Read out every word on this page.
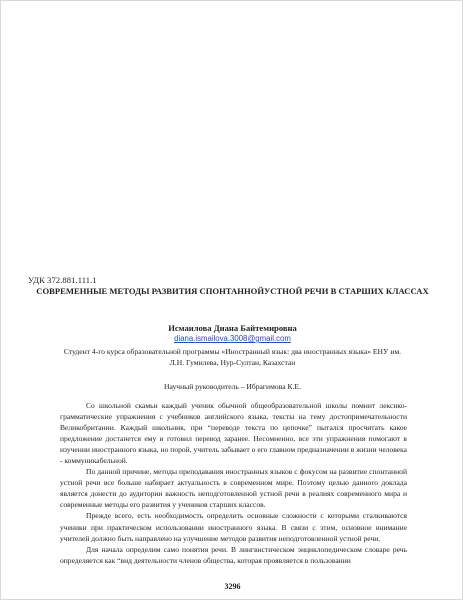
УДК 372.881.111.1
СОВРЕМЕННЫЕ МЕТОДЫ РАЗВИТИЯ СПОНТАННОЙУСТНОЙ РЕЧИ В СТАРШИХ КЛАССАХ
Исмаилова Диана Байтемировна
diana.ismailova.3008@gmail.com
Студент 4-го курса образовательной программы «Иностранный язык: два иностранных языка» ЕНУ им. Л.Н. Гумилева, Нур-Султан, Казахстан
Научный руководитель – Ибрагимова К.Е.

Со школьной скамьи каждый ученик обычной общеобразовательной школы помнит лексико-грамматические упражнения с учебников английского языка, тексты на тему достопримечательности Великобритании. Каждый школьник, при “переводе текста по цепочке” пытался просчитать какое предложение достанется ему и готовил перевод заранее. Несомненно, все эти упражнения помогают в изучении иностранного языка, но порой, учитель забывает о его главном предназначении в жизни человека - коммуникабельной.

По данной причине, методы преподавания иностранных языков с фокусом на развитие спонтанной устной речи все больше набирает актуальность в современном мире. Поэтому целью данного доклада является донести до аудитории важность неподготовленной устной речи в реалиях современного мира и современные методы его развития у учеников старших классов.

Прежде всего, есть необходимость определить основные сложности с которыми сталкиваются ученики при практическом использовании иностранного языка. В связи с этим, основное внимание учителей должно быть направлено на улучшение методов развития неподготовленной устной речи.

Для начала определим само понятия речи. В лингвистическом энциклопедическом словаре речь определяется как “вид деятельности членов общества, которая проявляется в пользовании

3296
